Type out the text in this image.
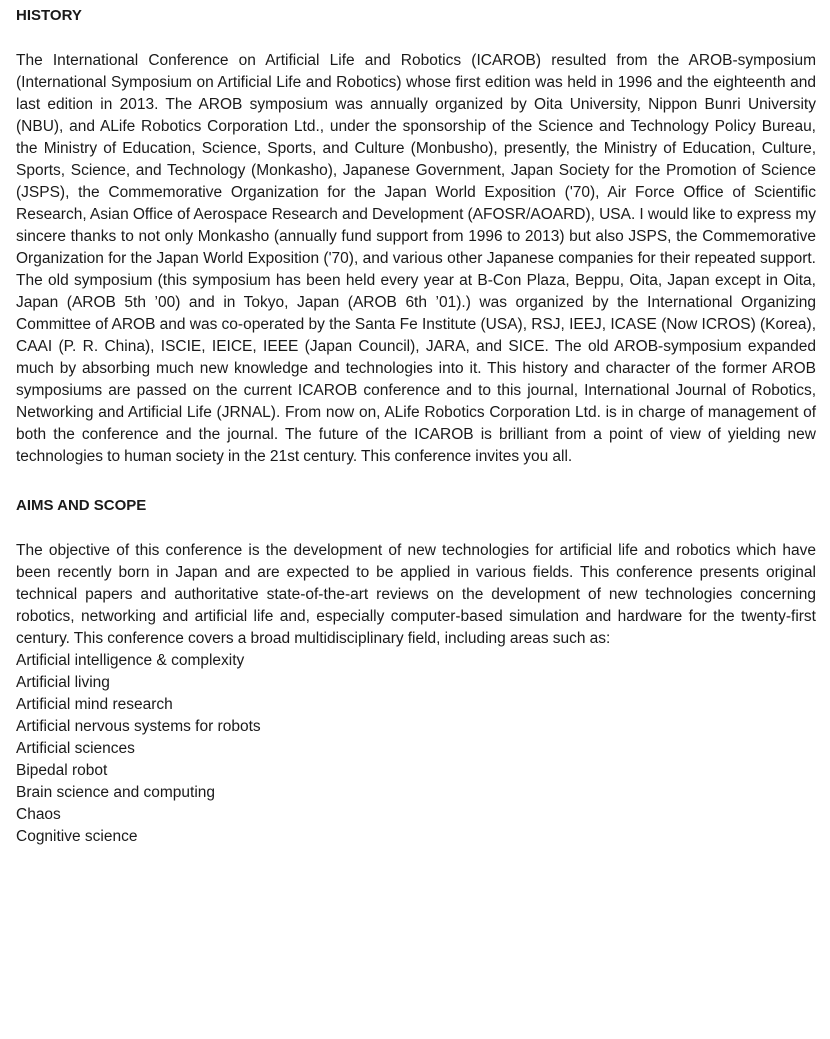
HISTORY

The International Conference on Artificial Life and Robotics (ICAROB) resulted from the AROB-symposium (International Symposium on Artificial Life and Robotics) whose first edition was held in 1996 and the eighteenth and last edition in 2013. The AROB symposium was annually organized by Oita University, Nippon Bunri University (NBU), and ALife Robotics Corporation Ltd., under the sponsorship of the Science and Technology Policy Bureau, the Ministry of Education, Science, Sports, and Culture (Monbusho), presently, the Ministry of Education, Culture, Sports, Science, and Technology (Monkasho), Japanese Government, Japan Society for the Promotion of Science (JSPS), the Commemorative Organization for the Japan World Exposition ('70), Air Force Office of Scientific Research, Asian Office of Aerospace Research and Development (AFOSR/AOARD), USA. I would like to express my sincere thanks to not only Monkasho (annually fund support from 1996 to 2013) but also JSPS, the Commemorative Organization for the Japan World Exposition ('70), and various other Japanese companies for their repeated support. The old symposium (this symposium has been held every year at B-Con Plaza, Beppu, Oita, Japan except in Oita, Japan (AROB 5th ’00) and in Tokyo, Japan (AROB 6th ’01).) was organized by the International Organizing Committee of AROB and was co-operated by the Santa Fe Institute (USA), RSJ, IEEJ, ICASE (Now ICROS) (Korea), CAAI (P. R. China), ISCIE, IEICE, IEEE (Japan Council), JARA, and SICE. The old AROB-symposium expanded much by absorbing much new knowledge and technologies into it. This history and character of the former AROB symposiums are passed on the current ICAROB conference and to this journal, International Journal of Robotics, Networking and Artificial Life (JRNAL). From now on, ALife Robotics Corporation Ltd. is in charge of management of both the conference and the journal. The future of the ICAROB is brilliant from a point of view of yielding new technologies to human society in the 21st century. This conference invites you all.

AIMS AND SCOPE

The objective of this conference is the development of new technologies for artificial life and robotics which have been recently born in Japan and are expected to be applied in various fields. This conference presents original technical papers and authoritative state-of-the-art reviews on the development of new technologies concerning robotics, networking and artificial life and, especially computer-based simulation and hardware for the twenty-first century. This conference covers a broad multidisciplinary field, including areas such as:

Artificial intelligence & complexity
Artificial living
Artificial mind research
Artificial nervous systems for robots
Artificial sciences
Bipedal robot
Brain science and computing
Chaos
Cognitive science
